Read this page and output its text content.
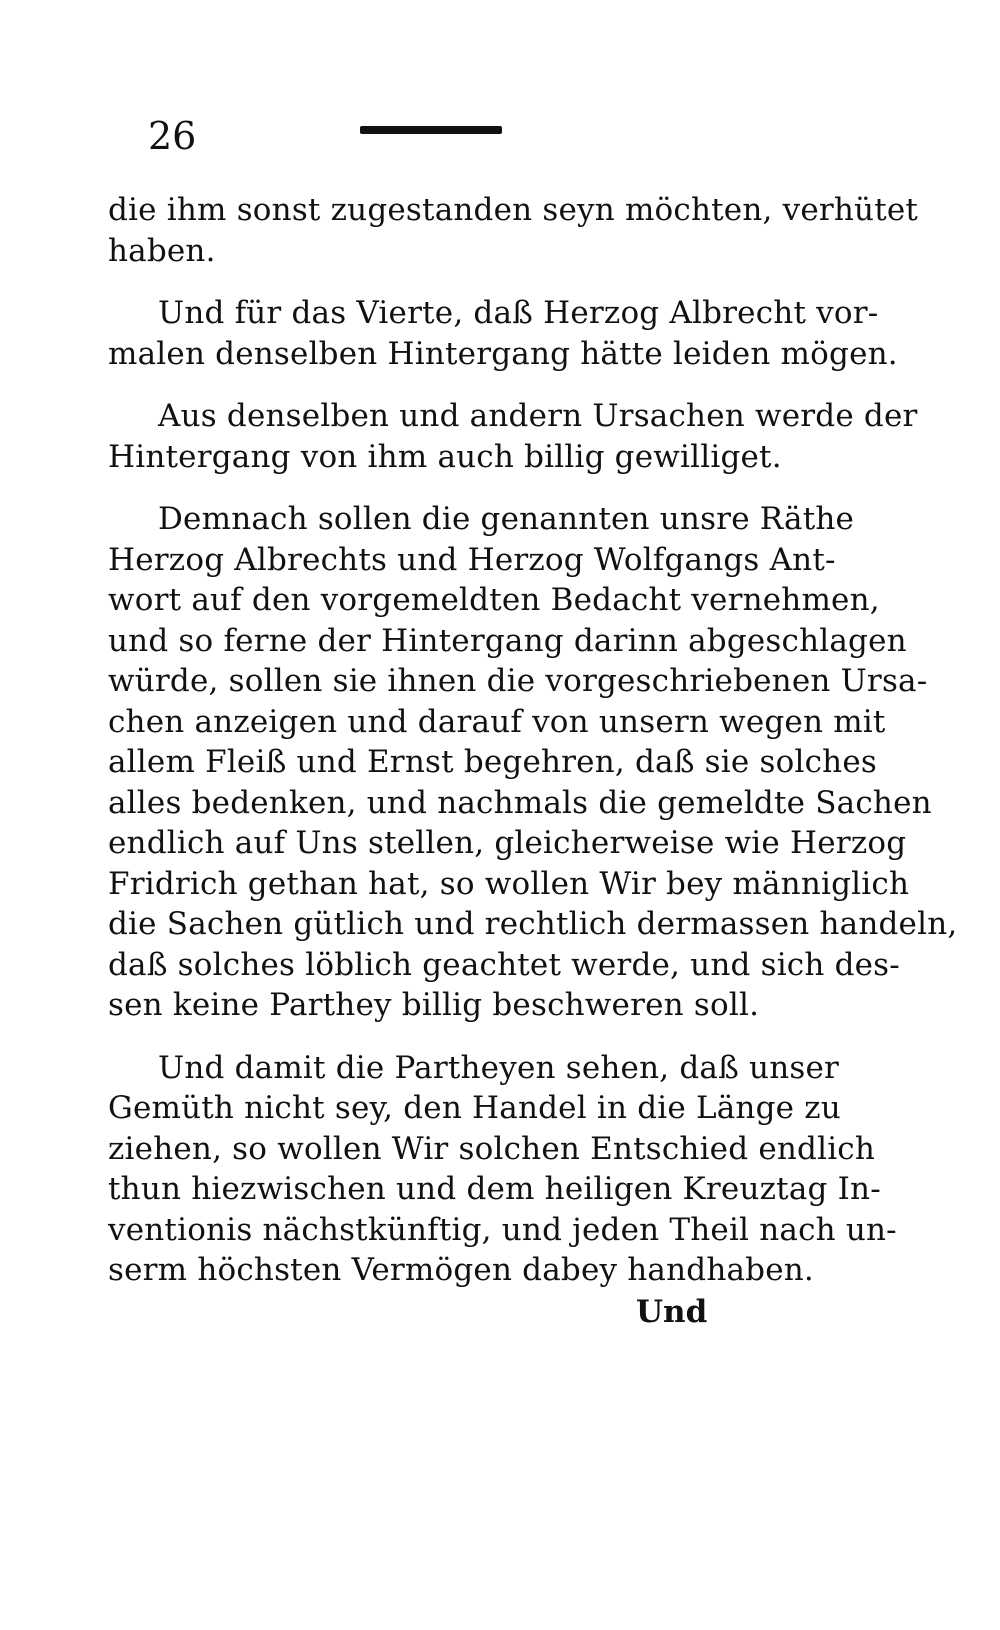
26
die ihm sonst zugestanden seyn möchten, verhütet
haben.
Und für das Vierte, daß Herzog Albrecht vor-
malen denselben Hintergang hätte leiden mögen.
Aus denselben und andern Ursachen werde der
Hintergang von ihm auch billig gewilliget.
Demnach sollen die genannten unsre Räthe
Herzog Albrechts und Herzog Wolfgangs Ant-
wort auf den vorgemeldten Bedacht vernehmen,
und so ferne der Hintergang darinn abgeschlagen
würde, sollen sie ihnen die vorgeschriebenen Ursa-
chen anzeigen und darauf von unsern wegen mit
allem Fleiß und Ernst begehren, daß sie solches
alles bedenken, und nachmals die gemeldte Sachen
endlich auf Uns stellen, gleicherweise wie Herzog
Fridrich gethan hat, so wollen Wir bey männiglich
die Sachen gütlich und rechtlich dermassen handeln,
daß solches löblich geachtet werde, und sich des-
sen keine Parthey billig beschweren soll.
Und damit die Partheyen sehen, daß unser
Gemüth nicht sey, den Handel in die Länge zu
ziehen, so wollen Wir solchen Entschied endlich
thun hiezwischen und dem heiligen Kreuztag In-
ventionis nächstkünftig, und jeden Theil nach un-
serm höchsten Vermögen dabey handhaben.
Und
